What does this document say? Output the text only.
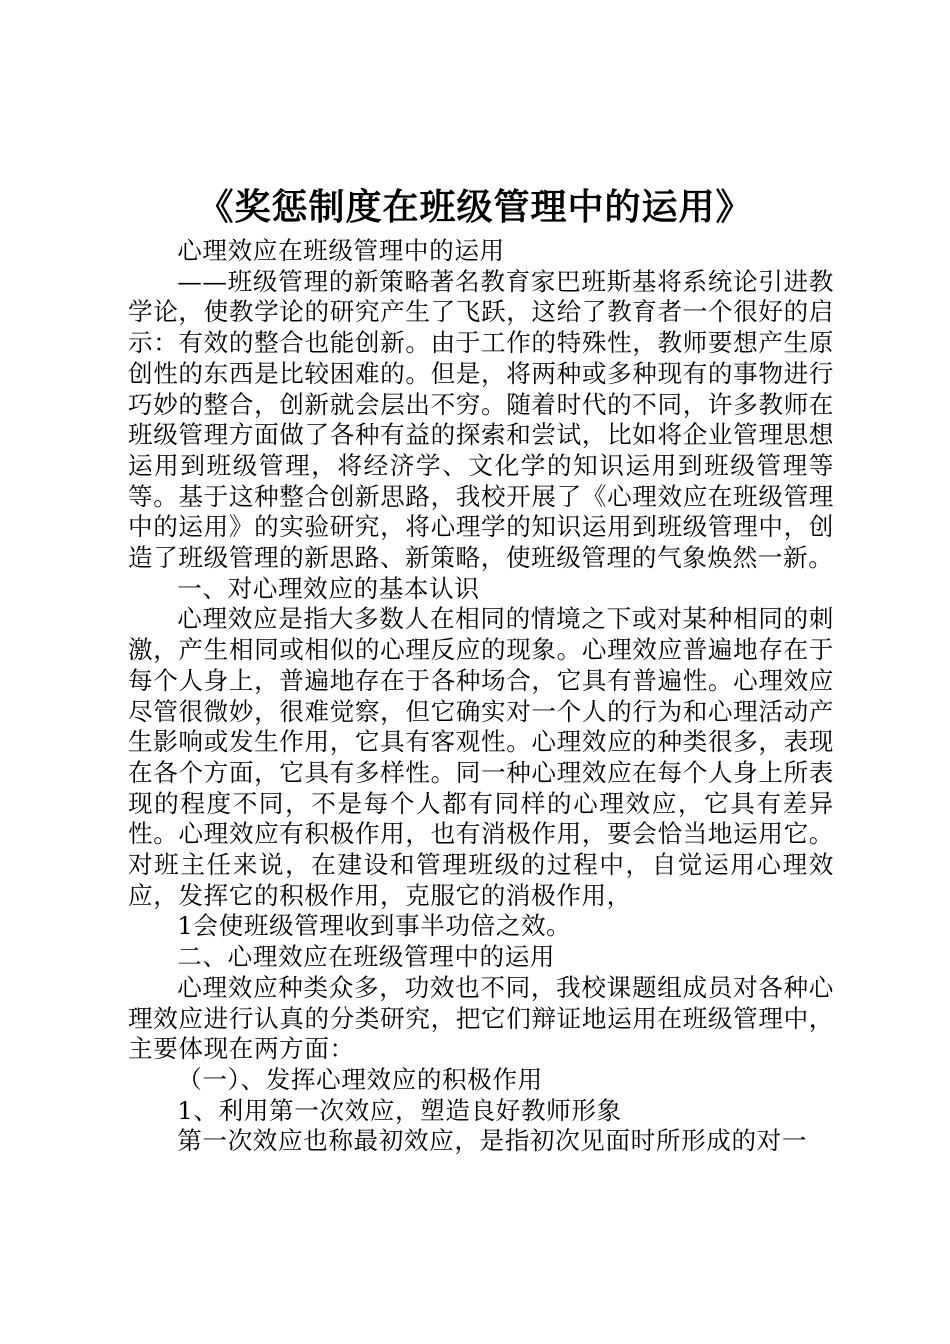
《奖惩制度在班级管理中的运用》

心理效应在班级管理中的运用

——班级管理的新策略著名教育家巴班斯基将系统论引进教学论，使教学论的研究产生了飞跃，这给了教育者一个很好的启示：有效的整合也能创新。由于工作的特殊性，教师要想产生原创性的东西是比较困难的。但是，将两种或多种现有的事物进行巧妙的整合，创新就会层出不穷。随着时代的不同，许多教师在班级管理方面做了各种有益的探索和尝试，比如将企业管理思想运用到班级管理，将经济学、文化学的知识运用到班级管理等等。基于这种整合创新思路，我校开展了《心理效应在班级管理中的运用》的实验研究，将心理学的知识运用到班级管理中，创造了班级管理的新思路、新策略，使班级管理的气象焕然一新。

一、对心理效应的基本认识

心理效应是指大多数人在相同的情境之下或对某种相同的刺激，产生相同或相似的心理反应的现象。心理效应普遍地存在于每个人身上，普遍地存在于各种场合，它具有普遍性。心理效应尽管很微妙，很难觉察，但它确实对一个人的行为和心理活动产生影响或发生作用，它具有客观性。心理效应的种类很多，表现在各个方面，它具有多样性。同一种心理效应在每个人身上所表现的程度不同，不是每个人都有同样的心理效应，它具有差异性。心理效应有积极作用，也有消极作用，要会恰当地运用它。对班主任来说，在建设和管理班级的过程中，自觉运用心理效应，发挥它的积极作用，克服它的消极作用，

1会使班级管理收到事半功倍之效。

二、心理效应在班级管理中的运用

心理效应种类众多，功效也不同，我校课题组成员对各种心理效应进行认真的分类研究，把它们辩证地运用在班级管理中，主要体现在两方面：

（一）、发挥心理效应的积极作用

1、利用第一次效应，塑造良好教师形象

第一次效应也称最初效应，是指初次见面时所形成的对一
